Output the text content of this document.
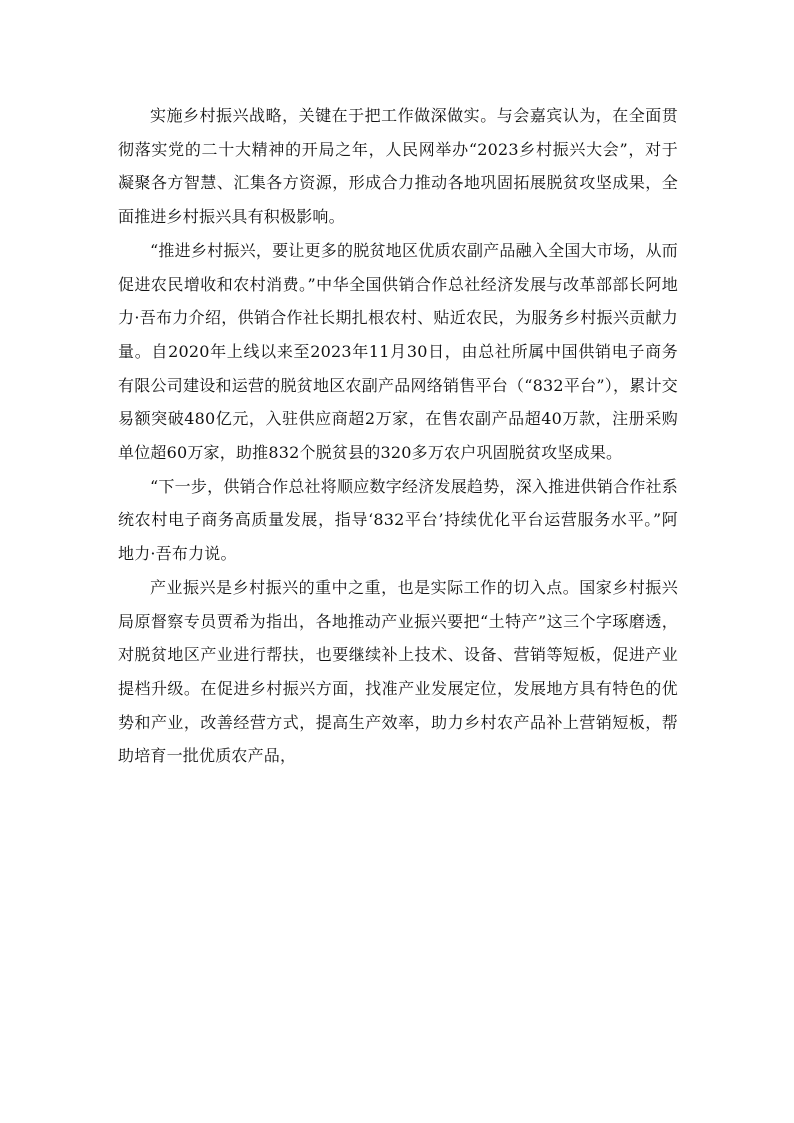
实施乡村振兴战略，关键在于把工作做深做实。与会嘉宾认为，在全面贯彻落实党的二十大精神的开局之年，人民网举办“2023乡村振兴大会”，对于凝聚各方智慧、汇集各方资源，形成合力推动各地巩固拓展脱贫攻坚成果，全面推进乡村振兴具有积极影响。

“推进乡村振兴，要让更多的脱贫地区优质农副产品融入全国大市场，从而促进农民增收和农村消费。”中华全国供销合作总社经济发展与改革部部长阿地力·吾布力介绍，供销合作社长期扎根农村、贴近农民，为服务乡村振兴贡献力量。自2020年上线以来至2023年11月30日，由总社所属中国供销电子商务有限公司建设和运营的脱贫地区农副产品网络销售平台（“832平台”），累计交易额突破480亿元，入驻供应商超2万家，在售农副产品超40万款，注册采购单位超60万家，助推832个脱贫县的320多万农户巩固脱贫攻坚成果。

“下一步，供销合作总社将顺应数字经济发展趋势，深入推进供销合作社系统农村电子商务高质量发展，指导‘832平台’持续优化平台运营服务水平。”阿地力·吾布力说。

产业振兴是乡村振兴的重中之重，也是实际工作的切入点。国家乡村振兴局原督察专员贾希为指出，各地推动产业振兴要把“土特产”这三个字琢磨透，对脱贫地区产业进行帮扶，也要继续补上技术、设备、营销等短板，促进产业提档升级。在促进乡村振兴方面，找准产业发展定位，发展地方具有特色的优势和产业，改善经营方式，提高生产效率，助力乡村农产品补上营销短板，帮助培育一批优质农产品，
